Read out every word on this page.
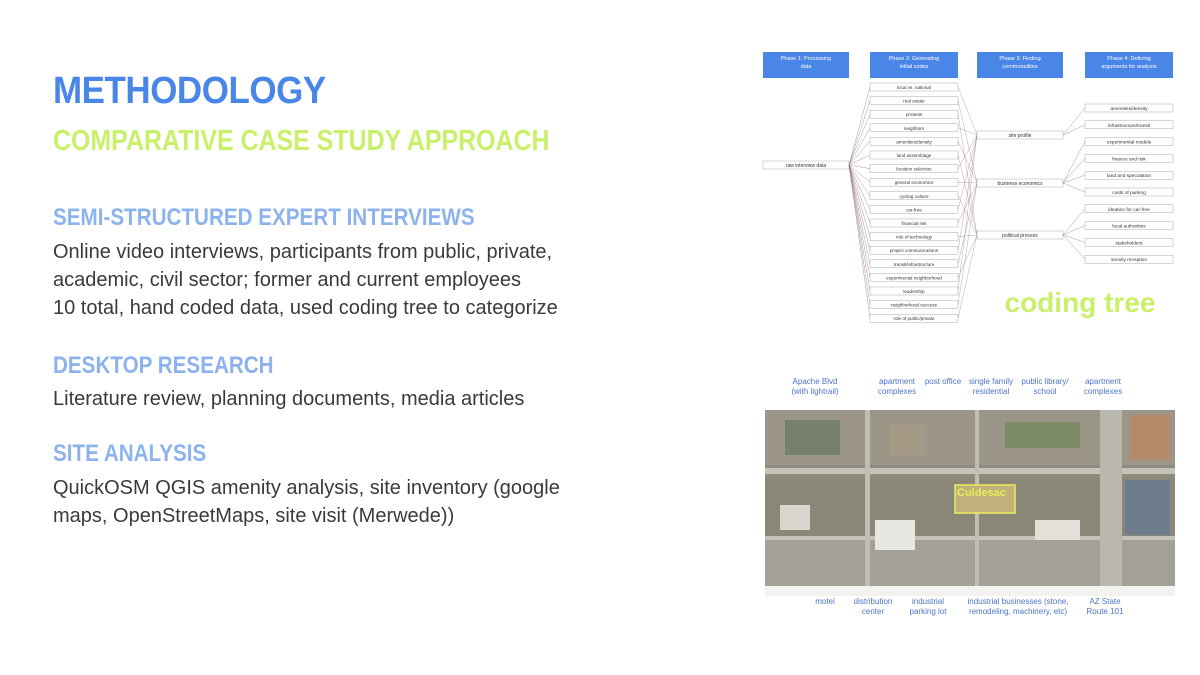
METHODOLOGY
COMPARATIVE CASE STUDY APPROACH
SEMI-STRUCTURED EXPERT INTERVIEWS
Online video interviews, participants from public, private,
academic, civil sector; former and current employees
10 total, hand coded data, used coding tree to categorize
DESKTOP RESEARCH
Literature review, planning documents, media articles
SITE ANALYSIS
QuickOSM QGIS amenity analysis, site inventory (google
maps, OpenStreetMaps, site visit (Merwede))
Phase 1: Processing
data
Phase 2: Generating
initial codes
Phase 3: Finding
commonalities
Phase 4: Defining
arguments for analysis
raw interview data
local vs. national
real estate
protests
neighbors
amenities/density
land assemblage
location selection
general economics
cycling culture
car-free
financial risk
role of technology
project communications
transit/infrastructure
experimental neighborhood
leadership
neighborhood success
role of public/private
site profile
business economics
political process
amenities/density
infrastructure/transit
experimental models
finance and risk
land and speculation
costs of parking
ideation for car-free
local authorities
stakeholders
society reception
coding tree
Apache Blvd (with lightrail)
apartment complexes
post office single family residential
public library/ school
apartment complexes
motel	distribution center
industrial parking lot
industrial businesses (stone, remodeling, machinery, etc)
AZ State Route 101
Culdesac
